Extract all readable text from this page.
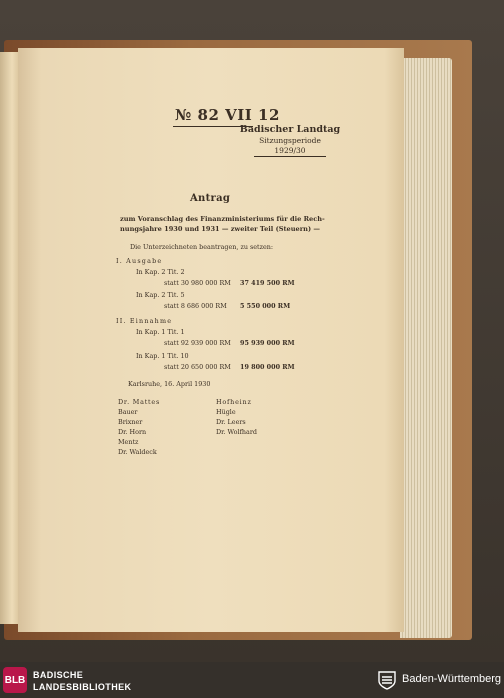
№ 82 VII 12
Badischer Landtag
Sitzungsperiode
1929/30
Antrag
zum Voranschlag des Finanzministeriums für die Rech-
nungsjahre 1930 und 1931 — zweiter Teil (Steuern) —
Die Unterzeichneten beantragen, zu setzen:
I. Ausgabe
In Kap. 2 Tit. 2
statt 30 980 000 RM 37 419 500 RM
In Kap. 2 Tit. 5
statt 8 686 000 RM 5 550 000 RM
II. Einnahme
In Kap. 1 Tit. 1
statt 92 939 000 RM 95 939 000 RM
In Kap. 1 Tit. 10
statt 20 650 000 RM 19 800 000 RM
Karlsruhe, 16. April 1930
Dr. Mattes
Bauer
Brixner
Dr. Horn
Mentz
Dr. Waldeck
Hofheinz
Hügle
Dr. Leers
Dr. Wolfhard
BLB BADISCHE
LANDESBIBLIOTHEK
Baden-Württemberg
